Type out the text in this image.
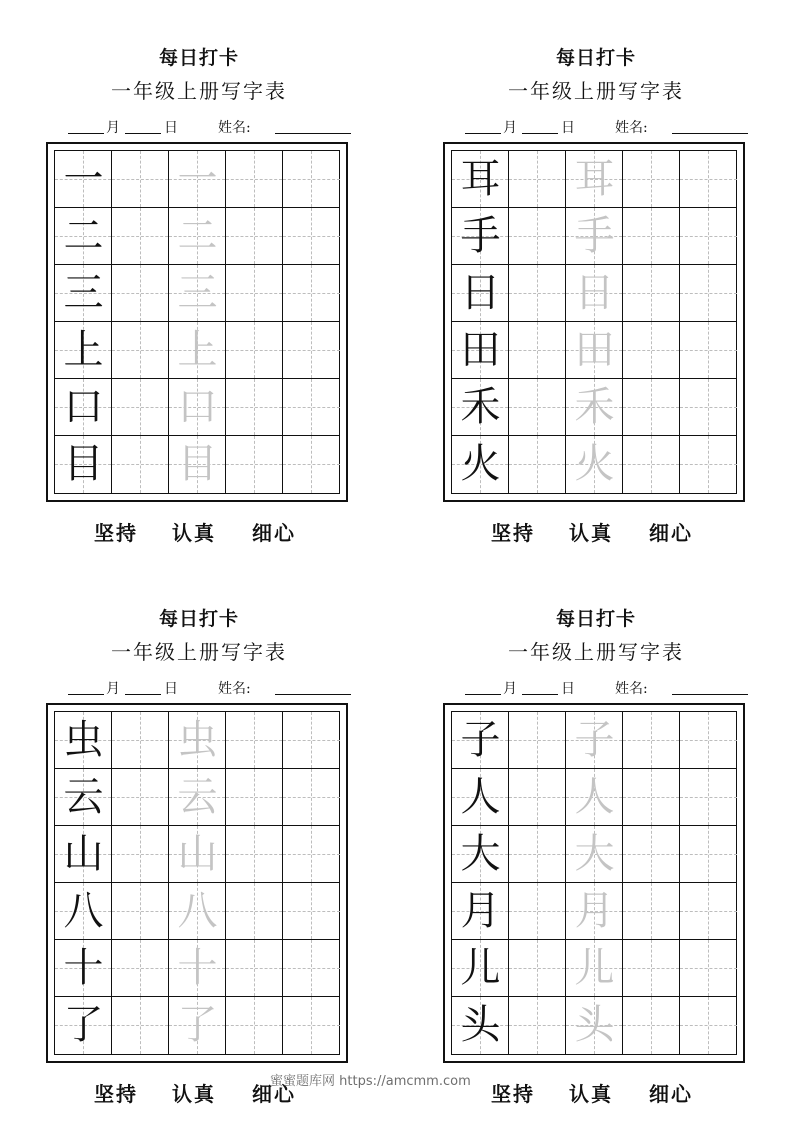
每日打卡
一年级上册写字表
月	日	姓名:
一 一
二 二
三 三
上 上
口 口
目 目
坚持 认真 细心
每日打卡
一年级上册写字表
月	日	姓名:
耳 耳
手 手
日 日
田 田
禾 禾
火 火
坚持 认真 细心
每日打卡
一年级上册写字表
月	日	姓名:
虫 虫
云 云
山 山
八 八
十 十
了 了
坚持 认真 细心
每日打卡
一年级上册写字表
月	日	姓名:
子 子
人 人
大 大
月 月
儿 儿
头 头
坚持 认真 细心
蜜蜜题库网 https://amcmm.com
